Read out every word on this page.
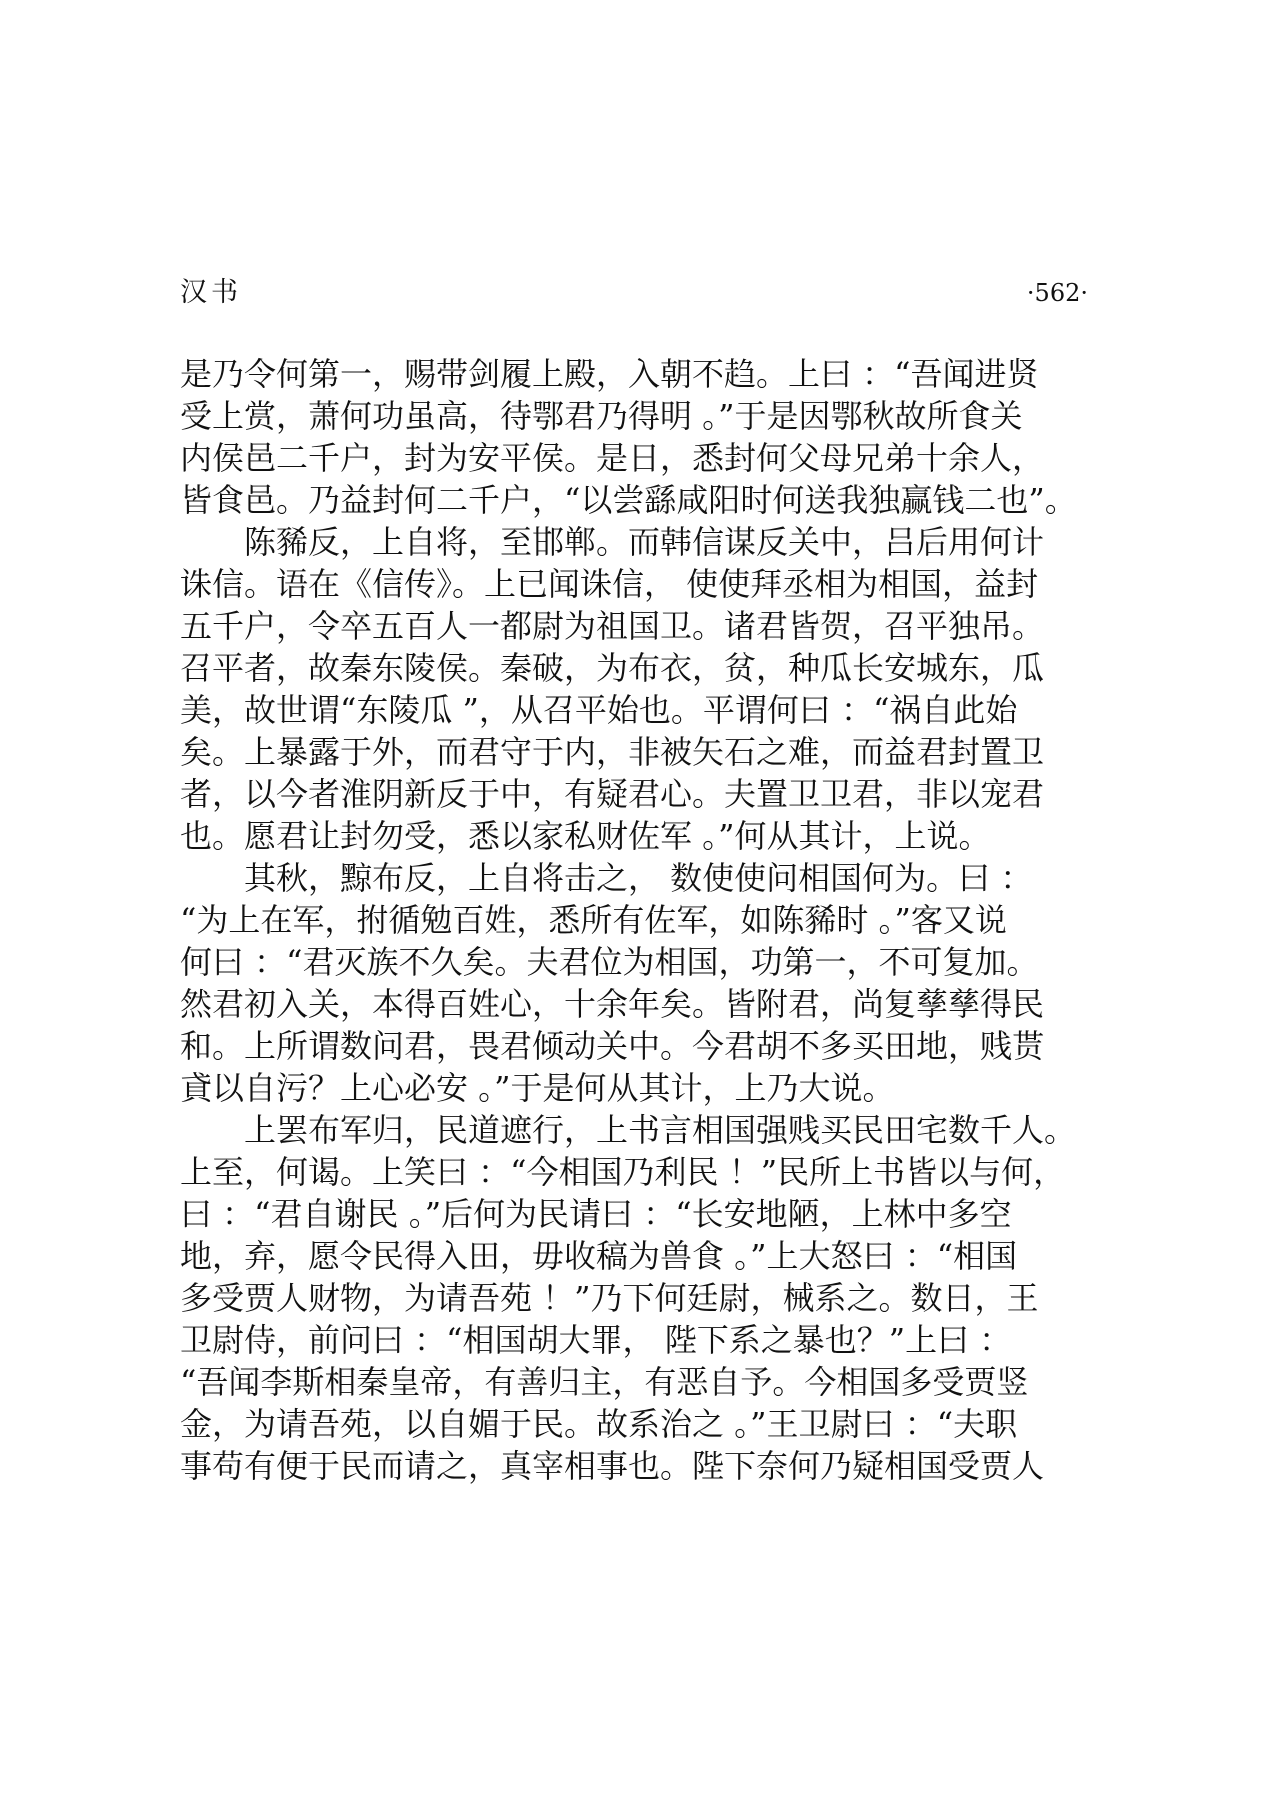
汉书	·562·
是乃令何第一，赐带剑履上殿，入朝不趋。上曰 ：“吾闻进贤
受上赏，萧何功虽高，待鄂君乃得明 。”于是因鄂秋故所食关
内侯邑二千户，封为安平侯。是日，悉封何父母兄弟十余人，
皆食邑。乃益封何二千户，“以尝繇咸阳时何送我独赢钱二也”。
　　陈豨反，上自将，至邯郸。而韩信谋反关中，吕后用何计
诛信。语在《信传》。上已闻诛信， 使使拜丞相为相国，益封
五千户，令卒五百人一都尉为祖国卫。诸君皆贺，召平独吊。
召平者，故秦东陵侯。秦破，为布衣，贫，种瓜长安城东，瓜
美，故世谓“东陵瓜 ”，从召平始也。平谓何曰 ：“祸自此始
矣。上暴露于外，而君守于内，非被矢石之难，而益君封置卫
者，以今者淮阴新反于中，有疑君心。夫置卫卫君，非以宠君
也。愿君让封勿受，悉以家私财佐军 。”何从其计，上说。
　　其秋，黥布反，上自将击之， 数使使问相国何为。曰 ：
“为上在军，拊循勉百姓，悉所有佐军，如陈豨时 。”客又说
何曰 ：“君灭族不久矣。夫君位为相国，功第一，不可复加。
然君初入关，本得百姓心，十余年矣。皆附君，尚复孳孳得民
和。上所谓数问君，畏君倾动关中。今君胡不多买田地，贱贳
貣以自污？上心必安 。”于是何从其计，上乃大说。
　　上罢布军归，民道遮行，上书言相国强贱买民田宅数千人。
上至，何谒。上笑曰 ：“今相国乃利民 ！”民所上书皆以与何，
曰 ：“君自谢民 。”后何为民请曰 ：“长安地陋，上林中多空
地，弃，愿令民得入田，毋收稿为兽食 。”上大怒曰 ：“相国
多受贾人财物，为请吾苑 ！”乃下何廷尉，械系之。数日，王
卫尉侍，前问曰 ：“相国胡大罪， 陛下系之暴也？”上曰 ：
“吾闻李斯相秦皇帝，有善归主，有恶自予。今相国多受贾竖
金，为请吾苑，以自媚于民。故系治之 。”王卫尉曰 ：“夫职
事苟有便于民而请之，真宰相事也。陛下奈何乃疑相国受贾人
